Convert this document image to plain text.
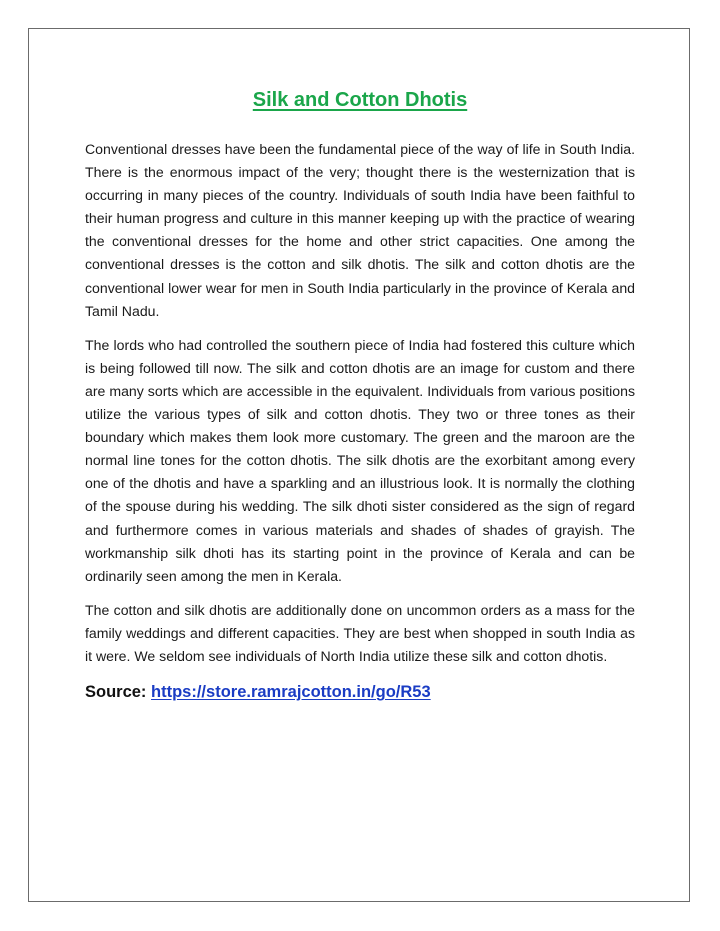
Silk and Cotton Dhotis

Conventional dresses have been the fundamental piece of the way of life in South India. There is the enormous impact of the very; thought there is the westernization that is occurring in many pieces of the country. Individuals of south India have been faithful to their human progress and culture in this manner keeping up with the practice of wearing the conventional dresses for the home and other strict capacities. One among the conventional dresses is the cotton and silk dhotis. The silk and cotton dhotis are the conventional lower wear for men in South India particularly in the province of Kerala and Tamil Nadu.

The lords who had controlled the southern piece of India had fostered this culture which is being followed till now. The silk and cotton dhotis are an image for custom and there are many sorts which are accessible in the equivalent. Individuals from various positions utilize the various types of silk and cotton dhotis. They two or three tones as their boundary which makes them look more customary. The green and the maroon are the normal line tones for the cotton dhotis. The silk dhotis are the exorbitant among every one of the dhotis and have a sparkling and an illustrious look. It is normally the clothing of the spouse during his wedding. The silk dhoti sister considered as the sign of regard and furthermore comes in various materials and shades of shades of grayish. The workmanship silk dhoti has its starting point in the province of Kerala and can be ordinarily seen among the men in Kerala.

The cotton and silk dhotis are additionally done on uncommon orders as a mass for the family weddings and different capacities. They are best when shopped in south India as it were. We seldom see individuals of North India utilize these silk and cotton dhotis.

Source: https://store.ramrajcotton.in/go/R53
